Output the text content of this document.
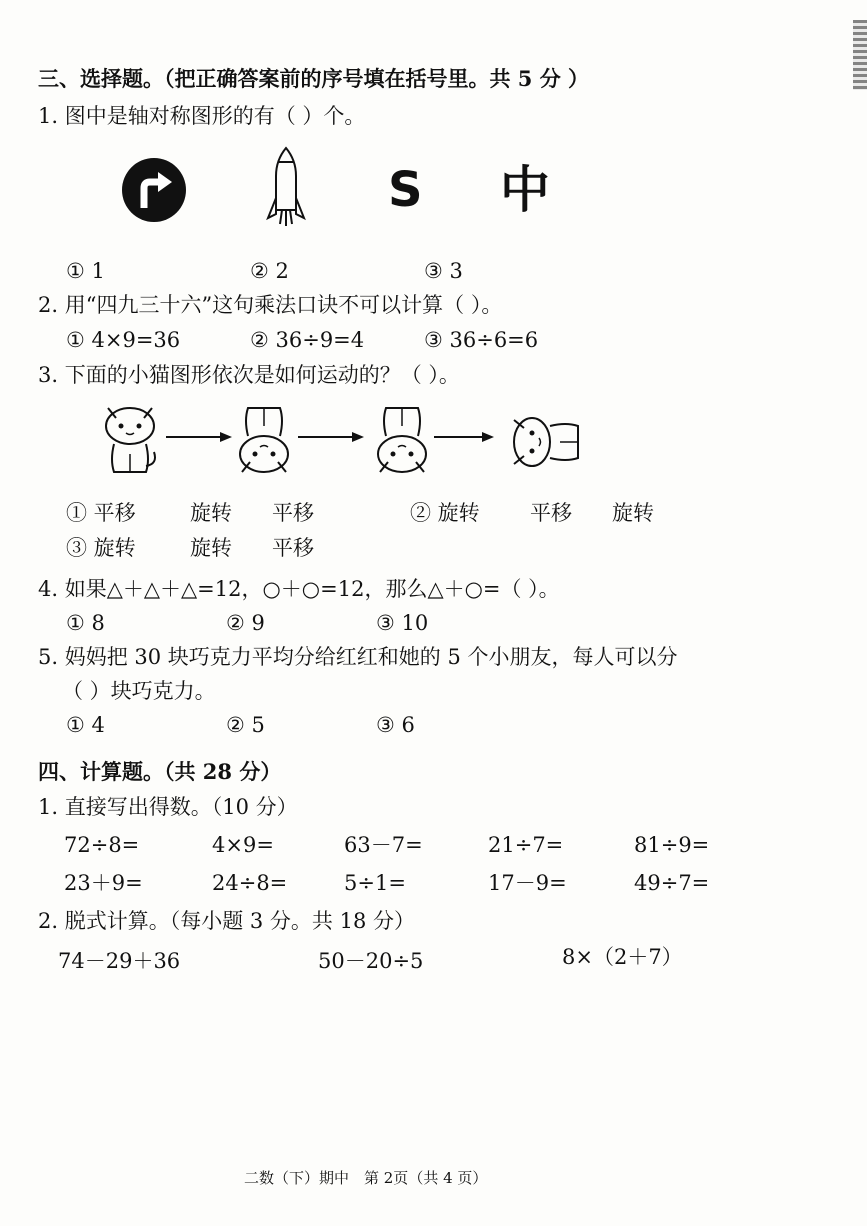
三、选择题。（把正确答案前的序号填在括号里。共 5 分 ）
1. 图中是轴对称图形的有（ ）个。
S 中
① 1	② 2	③ 3
2. 用“四九三十六”这句乘法口诀不可以计算（ ）。
① 4×9=36	② 36÷9=4	③ 36÷6=6
3. 下面的小猫图形依次是如何运动的？（ ）。
① 平移	旋转 平移	② 旋转 平移 旋转
③ 旋转	旋转 平移
4. 如果△＋△＋△=12，○＋○=12，那么△＋○=（ ）。
① 8	② 9	③ 10
5. 妈妈把 30 块巧克力平均分给红红和她的 5 个小朋友，每人可以分
（ ）块巧克力。
① 4	② 5	③ 6
四、计算题。（共 28 分）
1. 直接写出得数。（10 分）
72÷8=	4×9=	63－7=	21÷7=	81÷9=
23＋9=	24÷8=	5÷1=	17－9=	49÷7=
2. 脱式计算。（每小题 3 分。共 18 分）
74－29＋36	50－20÷5	8×（2＋7）
二数（下）期中　第 2页（共 4 页）
